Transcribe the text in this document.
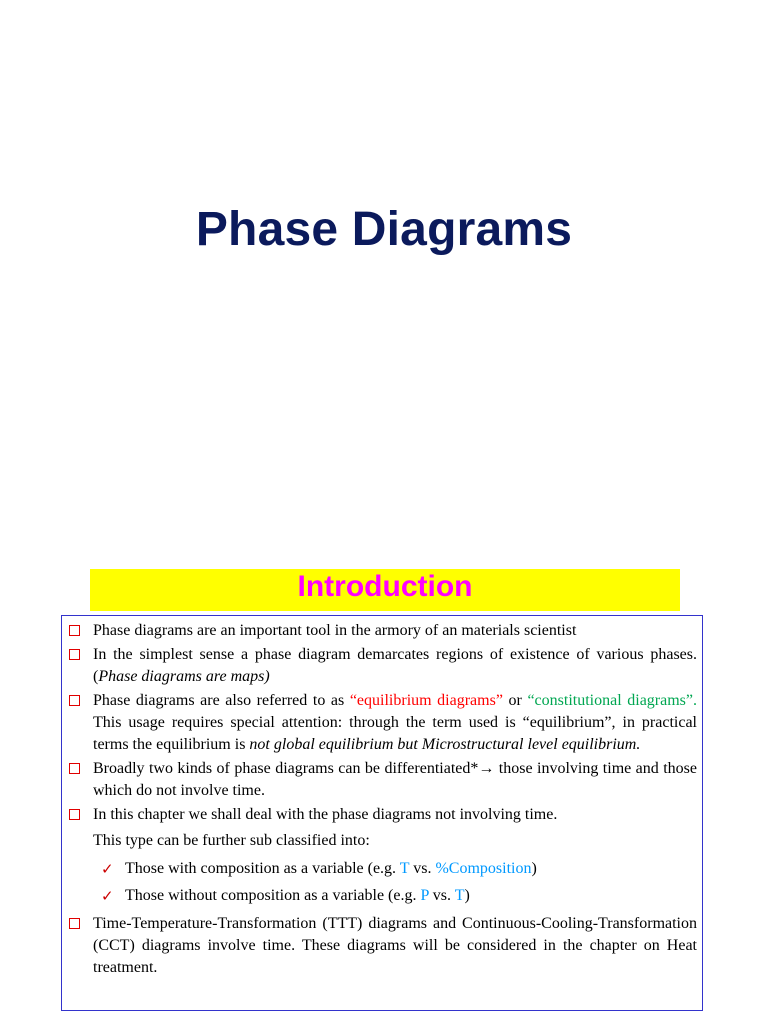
Phase Diagrams
Introduction
Phase diagrams are an important tool in the armory of an materials scientist
In the simplest sense a phase diagram demarcates regions of existence of various phases. (Phase diagrams are maps)
Phase diagrams are also referred to as “equilibrium diagrams” or “constitutional diagrams”. This usage requires special attention: through the term used is “equilibrium”, in practical terms the equilibrium is not global equilibrium but Microstructural level equilibrium.
Broadly two kinds of phase diagrams can be differentiated*→ those involving time and those which do not involve time.
In this chapter we shall deal with the phase diagrams not involving time.
This type can be further sub classified into:
✓ Those with composition as a variable (e.g. T vs. %Composition)
✓ Those without composition as a variable (e.g. P vs. T)
Time-Temperature-Transformation (TTT) diagrams and Continuous-Cooling-Transformation (CCT) diagrams involve time. These diagrams will be considered in the chapter on Heat treatment.
